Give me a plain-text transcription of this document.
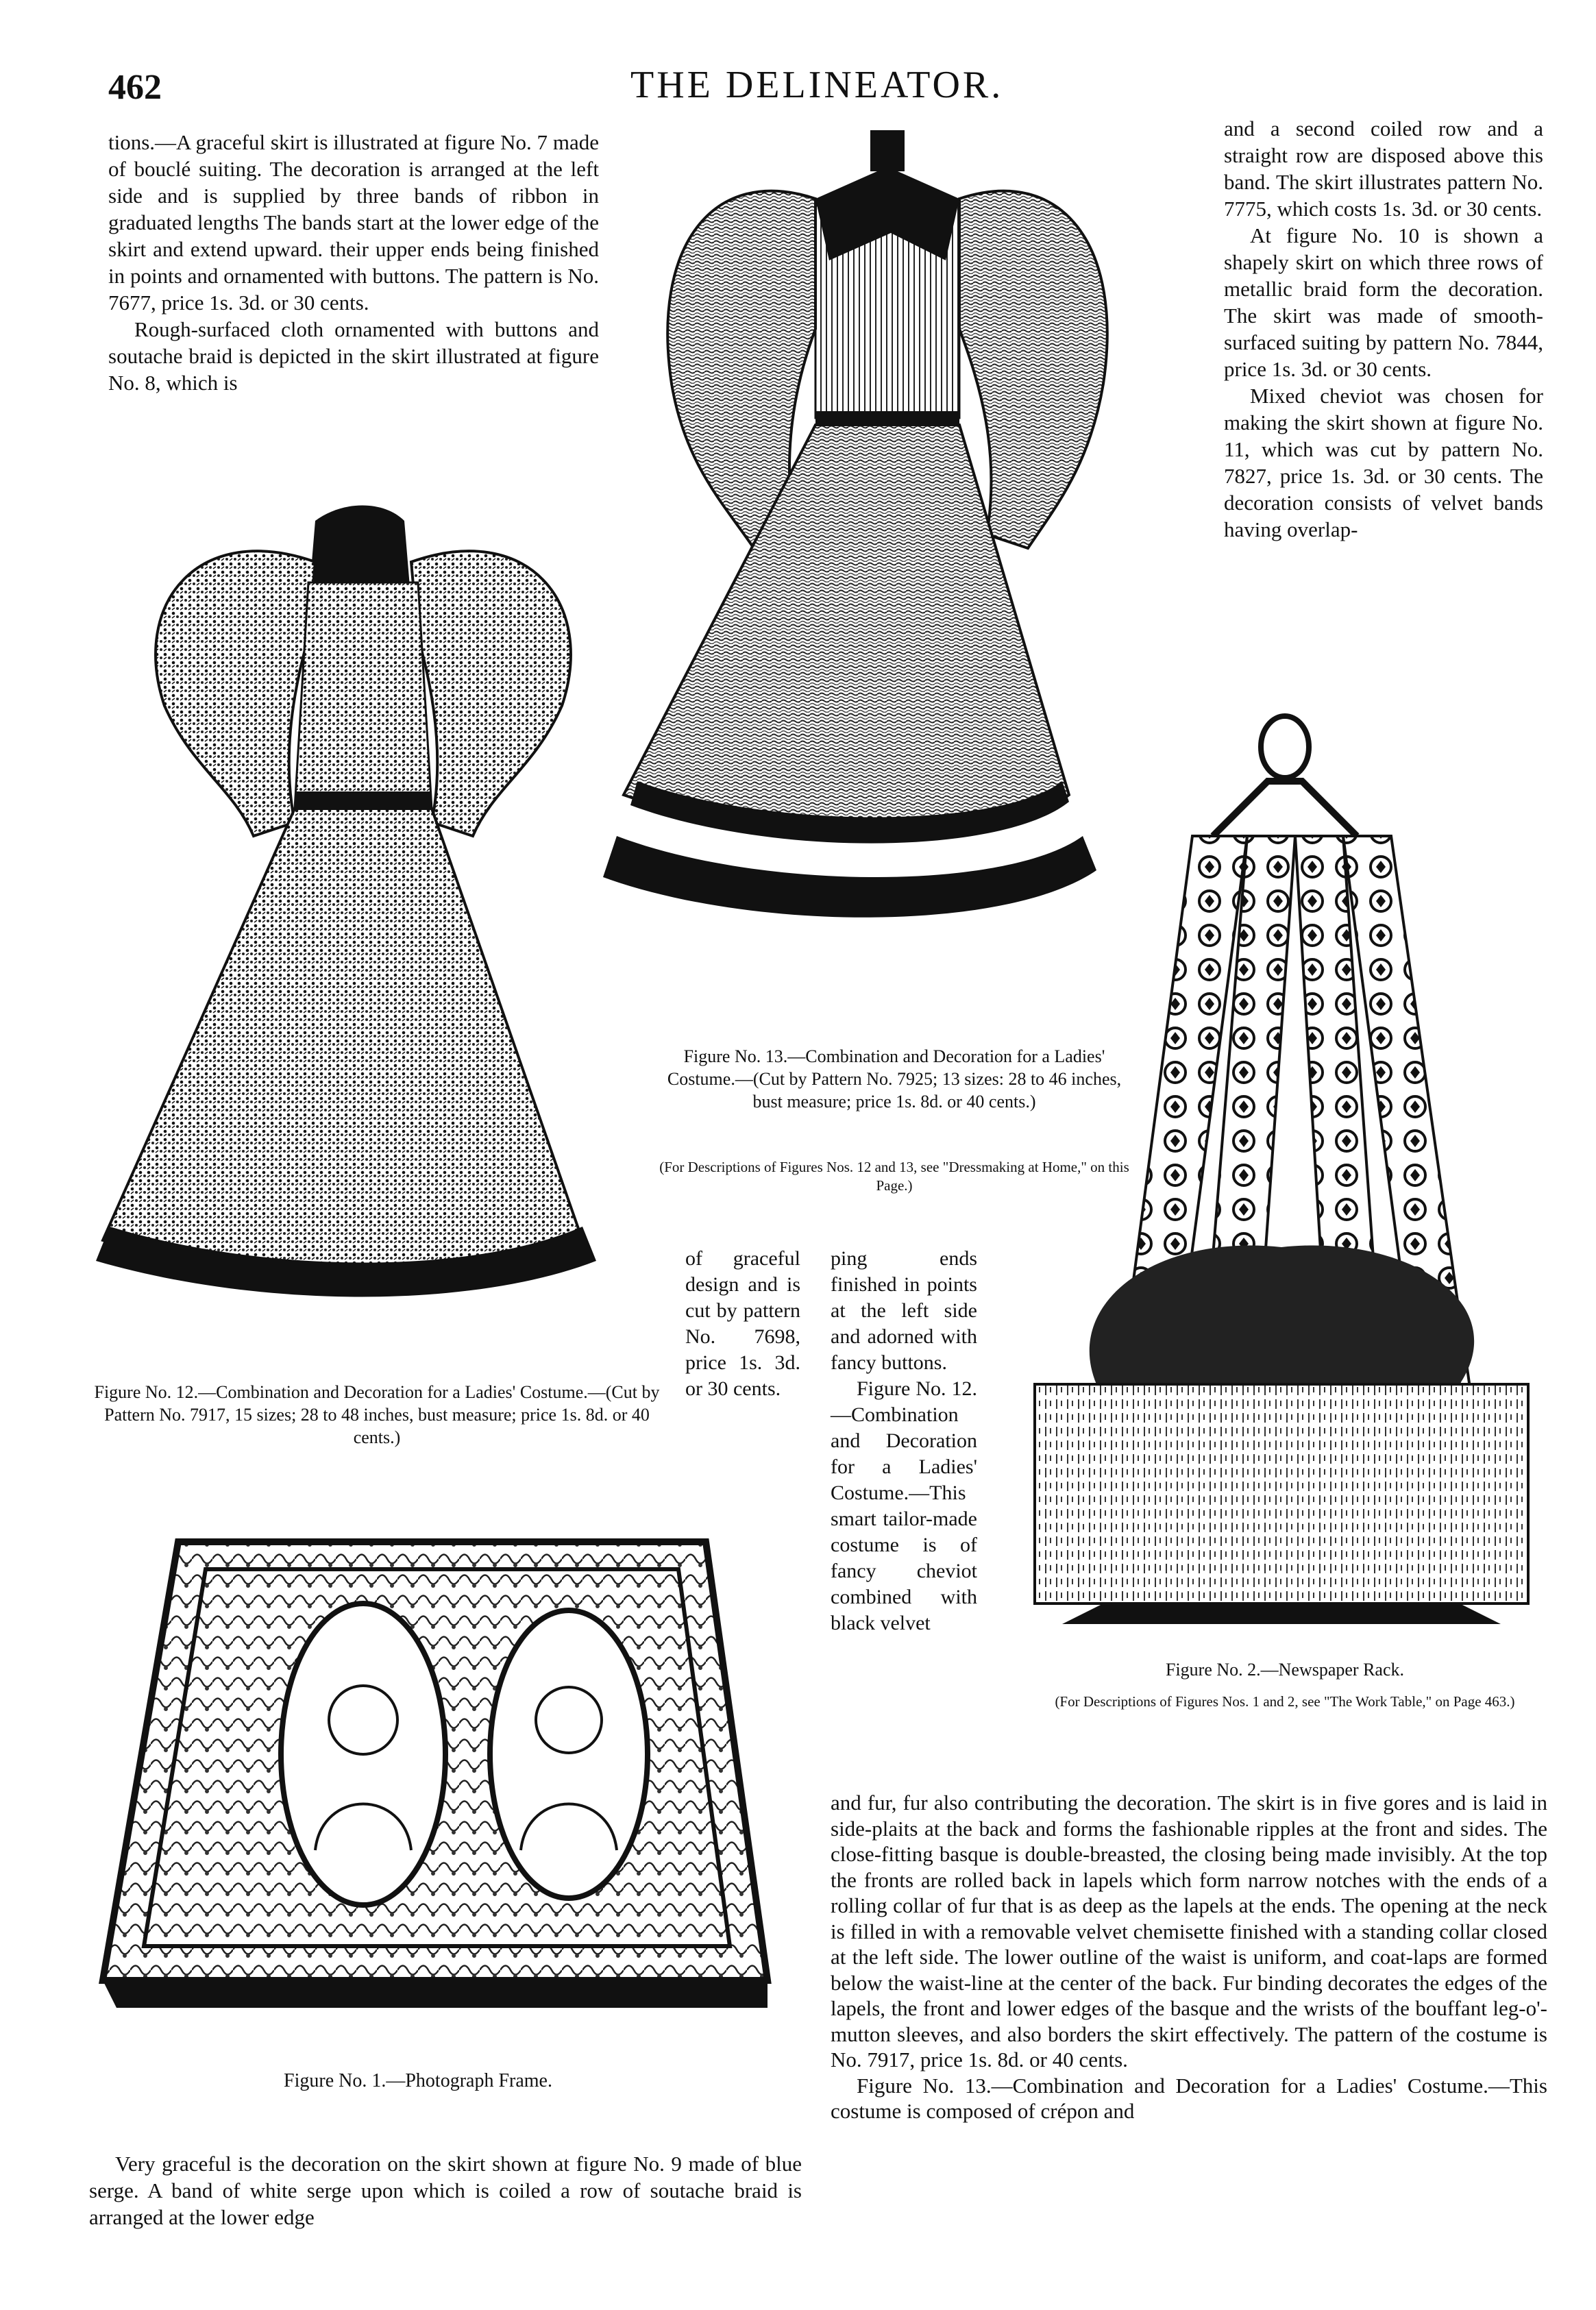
462	THE DELINEATOR.

tions.—A graceful skirt is illustrated at figure No. 7 made of bouclé suiting. The decoration is arranged at the left side and is supplied by three bands of ribbon in graduated lengths The bands start at the lower edge of the skirt and extend upward. their upper ends being finished in points and ornamented with buttons. The pattern is No. 7677, price 1s. 3d. or 30 cents.

Rough-surfaced cloth ornamented with buttons and soutache braid is depicted in the skirt illustrated at figure No. 8, which is

and a second coiled row and a straight row are disposed above this band. The skirt illustrates pattern No. 7775, which costs 1s. 3d. or 30 cents.

At figure No. 10 is shown a shapely skirt on which three rows of metallic braid form the decoration. The skirt was made of smooth-surfaced suiting by pattern No. 7844, price 1s. 3d. or 30 cents.

Mixed cheviot was chosen for making the skirt shown at figure No. 11, which was cut by pattern No. 7827, price 1s. 3d. or 30 cents. The decoration consists of velvet bands having overlap-

Figure No. 13.—Combination and Decoration for a Ladies' Costume.—(Cut by Pattern No. 7925; 13 sizes: 28 to 46 inches, bust measure; price 1s. 8d. or 40 cents.)
(For Descriptions of Figures Nos. 12 and 13, see "Dressmaking at Home," on this Page.)
Figure No. 12.—Combination and Decoration for a Ladies' Costume.—(Cut by Pattern No. 7917, 15 sizes; 28 to 48 inches, bust measure; price 1s. 8d. or 40 cents.)
of graceful design and is cut by pattern No. 7698, price 1s. 3d. or 30 cents.

ping ends finished in points at the left side and adorned with fancy buttons.

Figure No. 12.—Combination and Decoration for a Ladies' Costume.—This smart tailor-made costume is of fancy cheviot combined with black velvet

Figure No. 2.—Newspaper Rack.
(For Descriptions of Figures Nos. 1 and 2, see "The Work Table," on Page 463.)
Figure No. 1.—Photograph Frame.

and fur, fur also contributing the decoration. The skirt is in five gores and is laid in side-plaits at the back and forms the fashionable ripples at the front and sides. The close-fitting basque is double-breasted, the closing being made invisibly. At the top the fronts are rolled back in lapels which form narrow notches with the ends of a rolling collar of fur that is as deep as the lapels at the ends. The opening at the neck is filled in with a removable velvet chemisette finished with a standing collar closed at the left side. The lower outline of the waist is uniform, and coat-laps are formed below the waist-line at the center of the back. Fur binding decorates the edges of the lapels, the front and lower edges of the basque and the wrists of the bouffant leg-o'-mutton sleeves, and also borders the skirt effectively. The pattern of the costume is No. 7917, price 1s. 8d. or 40 cents.

Figure No. 13.—Combination and Decoration for a Ladies' Costume.—This costume is composed of crépon and

Very graceful is the decoration on the skirt shown at figure No. 9 made of blue serge. A band of white serge upon which is coiled a row of soutache braid is arranged at the lower edge
